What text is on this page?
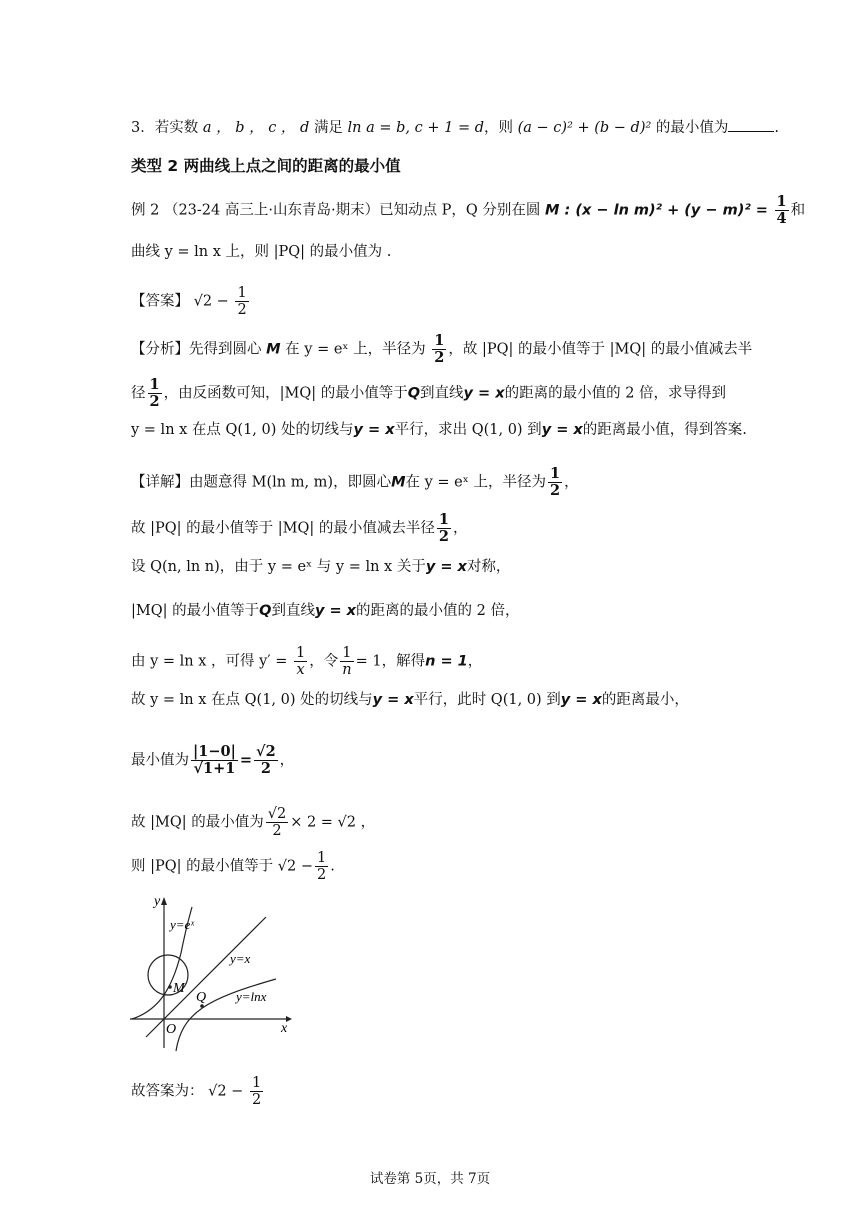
3．若实数 a ， b ， c ， d 满足 ln a = b, c + 1 = d，则 (a − c)² + (b − d)² 的最小值为	.
类型 2 两曲线上点之间的距离的最小值
例 2 （23-24 高三上·山东青岛·期末）已知动点 P，Q 分别在圆 M : $(x - \ln m)^2 + (y - m)^2 = \frac{1}{4}$ 和
曲线 y = ln x 上，则 |PQ| 的最小值为 .
【答案】 $√2 - \frac{1}{2}$
【分析】先得到圆心 M 在 y = eˣ 上，半径为 $\frac{1}{2}$ ，故 |PQ| 的最小值等于 |MQ| 的最小值减去半
径 $\frac{1}{2}$ ，由反函数可知，|MQ| 的最小值等于Q到直线y = x的距离的最小值的 2 倍，求导得到
y = ln x 在点 Q(1, 0) 处的切线与y = x平行，求出 Q(1, 0) 到y = x的距离最小值，得到答案.
【详解】由题意得 M(ln m, m)，即圆心M在 y = eˣ 上，半径为 $\frac{1}{2}$ ，
故 |PQ| 的最小值等于 |MQ| 的最小值减去半径 $\frac{1}{2}$ ，
设 Q(n, ln n)，由于 y = eˣ 与 y = ln x 关于y = x对称，
|MQ| 的最小值等于Q到直线y = x的距离的最小值的 2 倍，
由 y = ln x ，可得 $y' = \frac{1}{x}$ ，令 $\frac{1}{n} = 1$，解得n = 1，
故 y = ln x 在点 Q(1, 0) 处的切线与y = x平行，此时 Q(1, 0) 到y = x的距离最小，
最小值为 $\frac{|1-0|}{√1+1} = \frac{√2}{2}$ ，
故 |MQ| 的最小值为 $\frac{√2}{2} \times 2 = √2$ ，
则 |PQ| 的最小值等于 $√2 - \frac{1}{2}$ .
y
x
y=eˣ
y=x
y=lnx
M
Q
O
故答案为： $√2 - \frac{1}{2}$
试卷第 5页，共 7页
